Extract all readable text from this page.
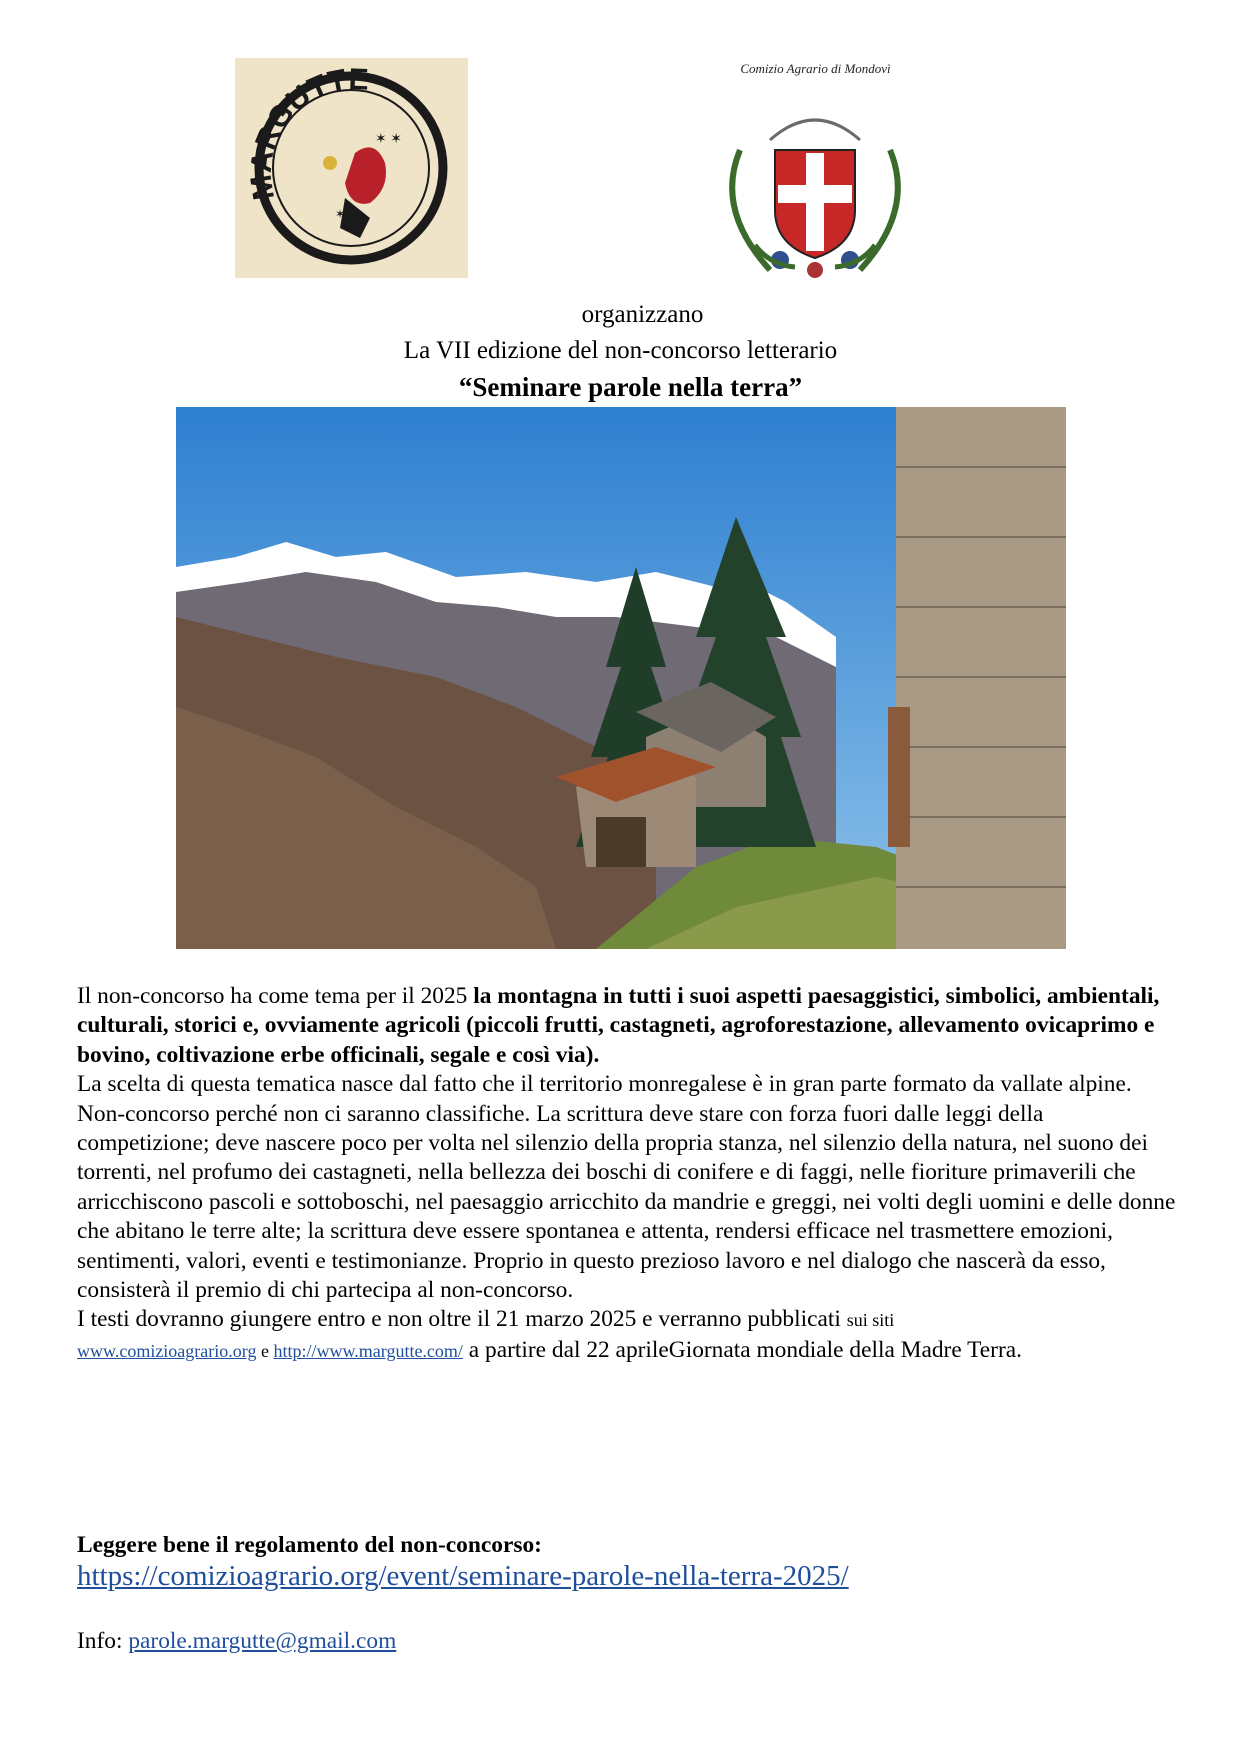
MARGUTTE
✶ ✶
✶
Comizio Agrario di Mondovì
organizzano
La VII edizione del non-concorso letterario
“Seminare parole nella terra”

Il non-concorso ha come tema per il 2025 la montagna in tutti i suoi aspetti paesaggistici, simbolici, ambientali, culturali, storici e, ovviamente agricoli (piccoli frutti, castagneti, agroforestazione, allevamento ovicaprimo e bovino, coltivazione erbe officinali, segale e così via).

La scelta di questa tematica nasce dal fatto che il territorio monregalese è in gran parte formato da vallate alpine.

Non-concorso perché non ci saranno classifiche. La scrittura deve stare con forza fuori dalle leggi della competizione; deve nascere poco per volta nel silenzio della propria stanza, nel silenzio della natura, nel suono dei torrenti, nel profumo dei castagneti, nella bellezza dei boschi di conifere e di faggi, nelle fioriture primaverili che arricchiscono pascoli e sottoboschi, nel paesaggio arricchito da mandrie e greggi, nei volti degli uomini e delle donne che abitano le terre alte; la scrittura deve essere spontanea e attenta, rendersi efficace nel trasmettere emozioni, sentimenti, valori, eventi e testimonianze. Proprio in questo prezioso lavoro e nel dialogo che nascerà da esso, consisterà il premio di chi partecipa al non-concorso.

I testi dovranno giungere entro e non oltre il 21 marzo 2025 e verranno pubblicati sui siti
www.comizioagrario.org e http://www.margutte.com/ a partire dal 22 aprileGiornata mondiale della Madre Terra.

Leggere bene il regolamento del non-concorso:
https://comizioagrario.org/event/seminare-parole-nella-terra-2025/
Info: parole.margutte@gmail.com
